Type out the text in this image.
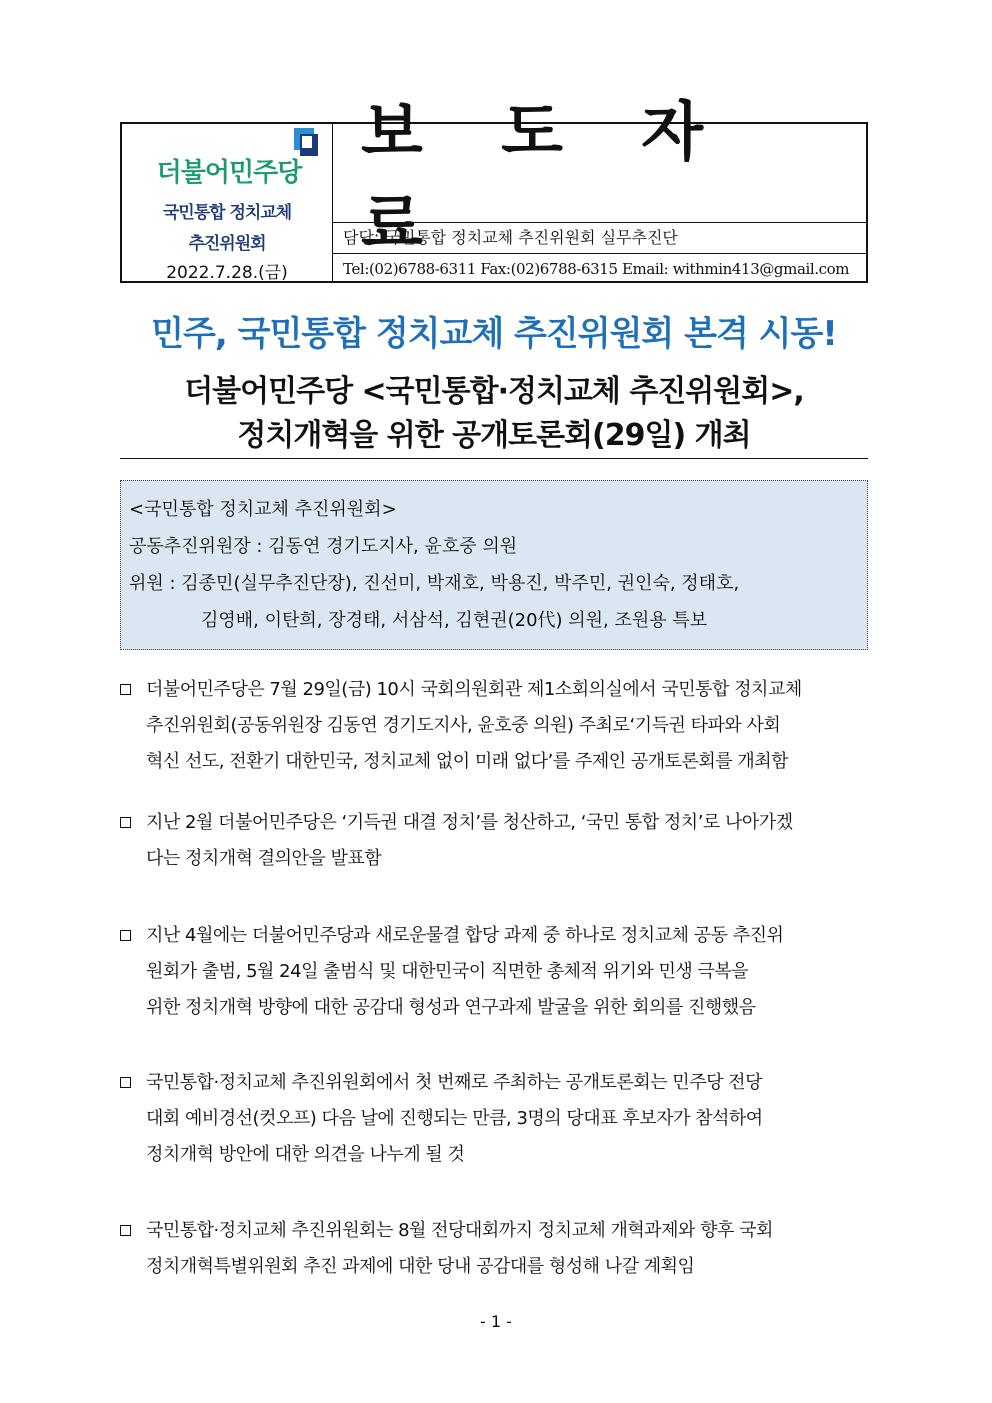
더불어민주당
국민통합 정치교체
추진위원회
2022.7.28.(금)
보 도 자 료
담당: 국민통합 정치교체 추진위원회 실무추진단
Tel:(02)6788-6311 Fax:(02)6788-6315 Email: withmin413@gmail.com
민주, 국민통합 정치교체 추진위원회 본격 시동!
더불어민주당 <국민통합·정치교체 추진위원회>,
정치개혁을 위한 공개토론회(29일) 개최
<국민통합 정치교체 추진위원회>
공동추진위원장 : 김동연 경기도지사, 윤호중 의원
위원 : 김종민(실무추진단장), 진선미, 박재호, 박용진, 박주민, 권인숙, 정태호,
김영배, 이탄희, 장경태, 서삼석, 김현권(20代) 의원, 조원용 특보
더불어민주당은 7월 29일(금) 10시 국회의원회관 제1소회의실에서 국민통합 정치교체
추진위원회(공동위원장 김동연 경기도지사, 윤호중 의원) 주최로‘기득권 타파와 사회
혁신 선도, 전환기 대한민국, 정치교체 없이 미래 없다’를 주제인 공개토론회를 개최함
지난 2월 더불어민주당은 ‘기득권 대결 정치’를 청산하고, ‘국민 통합 정치’로 나아가겠
다는 정치개혁 결의안을 발표함
지난 4월에는 더불어민주당과 새로운물결 합당 과제 중 하나로 정치교체 공동 추진위
원회가 출범, 5월 24일 출범식 및 대한민국이 직면한 총체적 위기와 민생 극복을
위한 정치개혁 방향에 대한 공감대 형성과 연구과제 발굴을 위한 회의를 진행했음
국민통합·정치교체 추진위원회에서 첫 번째로 주최하는 공개토론회는 민주당 전당
대회 예비경선(컷오프) 다음 날에 진행되는 만큼, 3명의 당대표 후보자가 참석하여
정치개혁 방안에 대한 의견을 나누게 될 것
국민통합·정치교체 추진위원회는 8월 전당대회까지 정치교체 개혁과제와 향후 국회
정치개혁특별위원회 추진 과제에 대한 당내 공감대를 형성해 나갈 계획임
- 1 -
